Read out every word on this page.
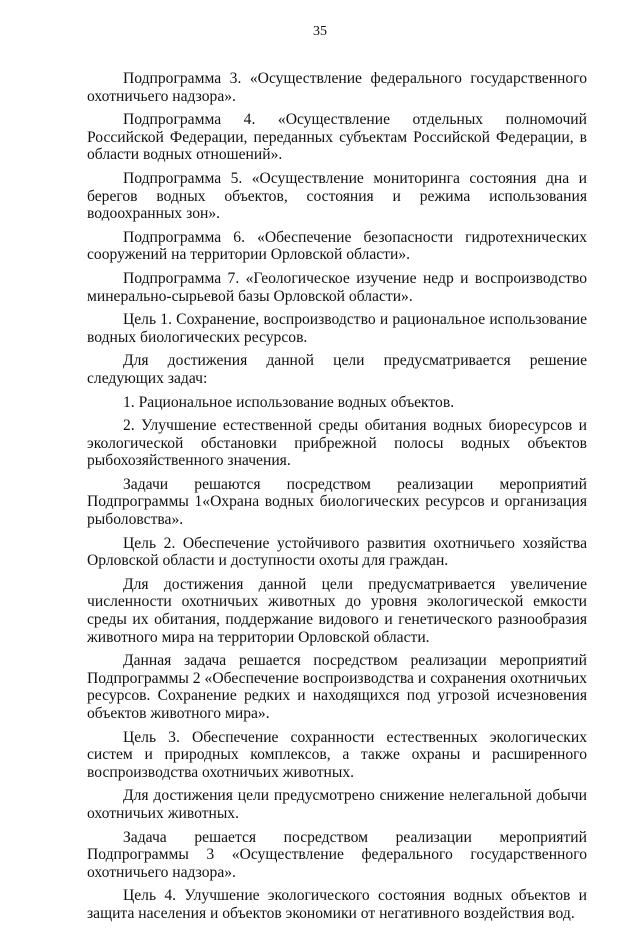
35

Подпрограмма 3. «Осуществление федерального государственного охотничьего надзора».

Подпрограмма 4. «Осуществление отдельных полномочий Российской Федерации, переданных субъектам Российской Федерации, в области водных отношений».

Подпрограмма 5. «Осуществление мониторинга состояния дна и берегов водных объектов, состояния и режима использования водоохранных зон».

Подпрограмма 6. «Обеспечение безопасности гидротехнических сооружений на территории Орловской области».

Подпрограмма 7. «Геологическое изучение недр и воспроизводство минерально-сырьевой базы Орловской области».

Цель 1. Сохранение, воспроизводство и рациональное использование водных биологических ресурсов.

Для достижения данной цели предусматривается решение следующих задач:

1. Рациональное использование водных объектов.

2. Улучшение естественной среды обитания водных биоресурсов и экологической обстановки прибрежной полосы водных объектов рыбохозяйственного значения.

Задачи решаются посредством реализации мероприятий Подпрограммы 1«Охрана водных биологических ресурсов и организация рыболовства».

Цель 2. Обеспечение устойчивого развития охотничьего хозяйства Орловской области и доступности охоты для граждан.

Для достижения данной цели предусматривается увеличение численности охотничьих животных до уровня экологической емкости среды их обитания, поддержание видового и генетического разнообразия животного мира на территории Орловской области.

Данная задача решается посредством реализации мероприятий Подпрограммы 2 «Обеспечение воспроизводства и сохранения охотничьих ресурсов. Сохранение редких и находящихся под угрозой исчезновения объектов животного мира».

Цель 3. Обеспечение сохранности естественных экологических систем и природных комплексов, а также охраны и расширенного воспроизводства охотничьих животных.

Для достижения цели предусмотрено снижение нелегальной добычи охотничьих животных.

Задача решается посредством реализации мероприятий Подпрограммы 3 «Осуществление федерального государственного охотничьего надзора».

Цель 4. Улучшение экологического состояния водных объектов и защита населения и объектов экономики от негативного воздействия вод.
